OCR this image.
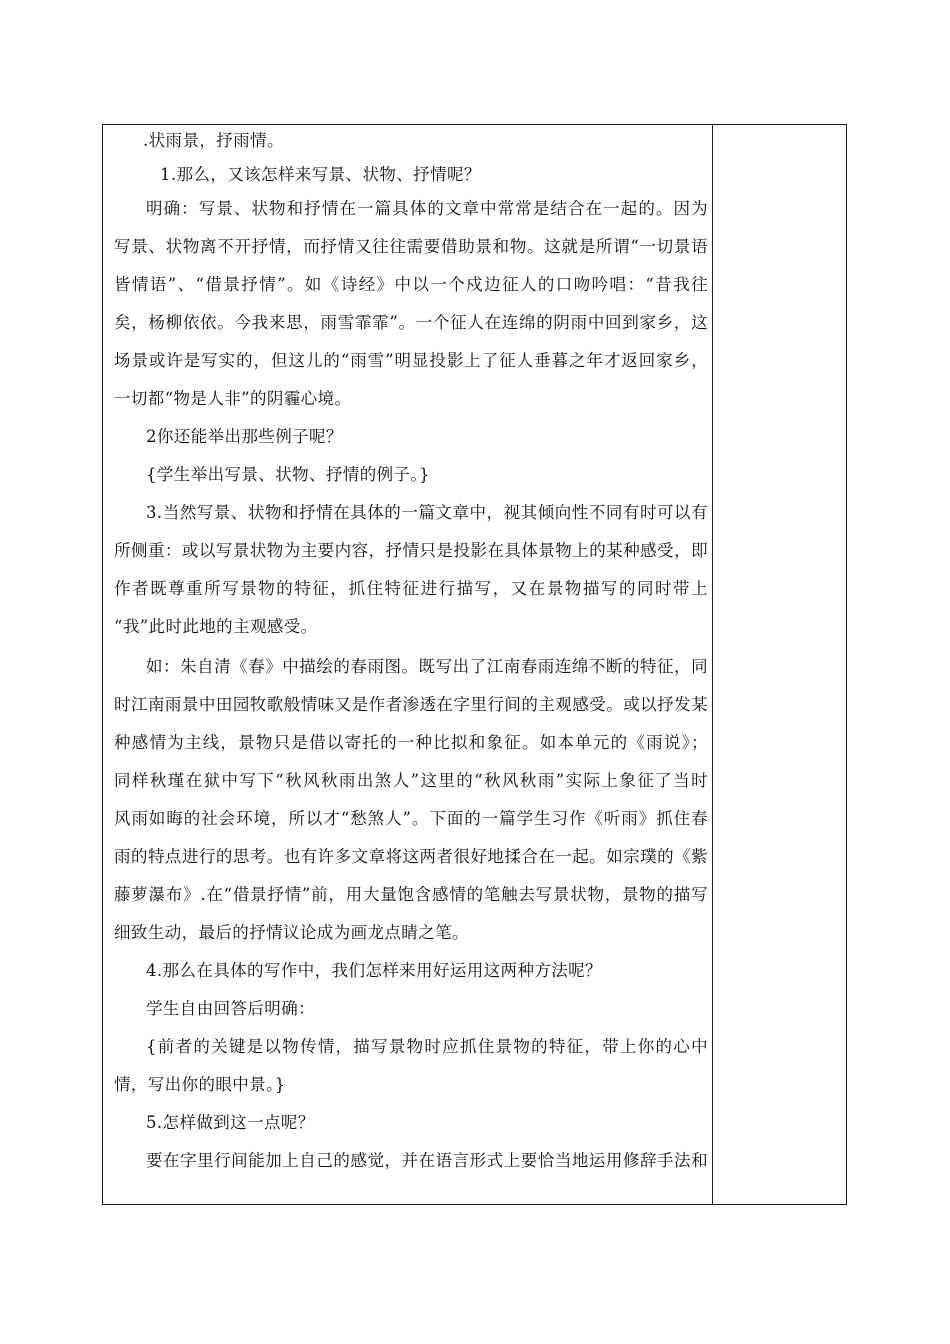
.状雨景，抒雨情。
1.那么，又该怎样来写景、状物、抒情呢？
明确：写景、状物和抒情在一篇具体的文章中常常是结合在一起的。因为
写景、状物离不开抒情，而抒情又往往需要借助景和物。这就是所谓“一切景语
皆情语”、“借景抒情”。如《诗经》中以一个戍边征人的口吻吟唱：“昔我往
矣，杨柳依依。今我来思，雨雪霏霏”。一个征人在连绵的阴雨中回到家乡，这
场景或许是写实的，但这儿的“雨雪”明显投影上了征人垂暮之年才返回家乡，
一切都“物是人非”的阴霾心境。
2你还能举出那些例子呢？
{学生举出写景、状物、抒情的例子。}
3.当然写景、状物和抒情在具体的一篇文章中，视其倾向性不同有时可以有
所侧重：或以写景状物为主要内容，抒情只是投影在具体景物上的某种感受，即
作者既尊重所写景物的特征，抓住特征进行描写，又在景物描写的同时带上
“我”此时此地的主观感受。
如：朱自清《春》中描绘的春雨图。既写出了江南春雨连绵不断的特征，同
时江南雨景中田园牧歌般情味又是作者渗透在字里行间的主观感受。或以抒发某
种感情为主线，景物只是借以寄托的一种比拟和象征。如本单元的《雨说》；
同样秋瑾在狱中写下“秋风秋雨出煞人”这里的“秋风秋雨”实际上象征了当时
风雨如晦的社会环境，所以才“愁煞人”。下面的一篇学生习作《听雨》抓住春
雨的特点进行的思考。也有许多文章将这两者很好地揉合在一起。如宗璞的《紫
藤萝瀑布》.在“借景抒情”前，用大量饱含感情的笔触去写景状物，景物的描写
细致生动，最后的抒情议论成为画龙点睛之笔。
4.那么在具体的写作中，我们怎样来用好运用这两种方法呢？
学生自由回答后明确：
{前者的关键是以物传情，描写景物时应抓住景物的特征，带上你的心中
情，写出你的眼中景。}
5.怎样做到这一点呢？
要在字里行间能加上自己的感觉，并在语言形式上要恰当地运用修辞手法和
